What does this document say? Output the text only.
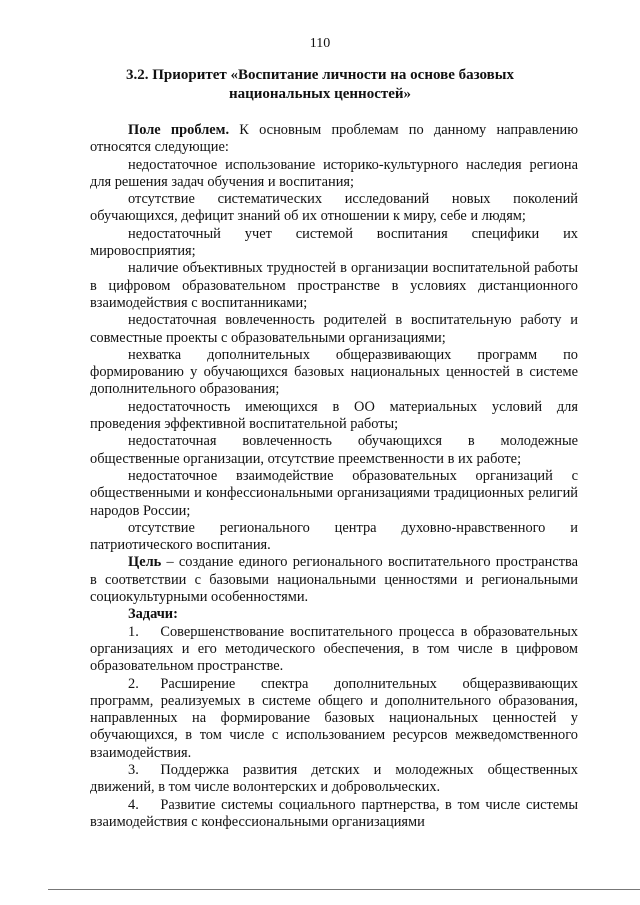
110
3.2. Приоритет «Воспитание личности на основе базовых национальных ценностей»

Поле проблем. К основным проблемам по данному направлению относятся следующие:

недостаточное использование историко-культурного наследия региона для решения задач обучения и воспитания;

отсутствие систематических исследований новых поколений обучающихся, дефицит знаний об их отношении к миру, себе и людям;

недостаточный учет системой воспитания специфики их мировосприятия;

наличие объективных трудностей в организации воспитательной работы в цифровом образовательном пространстве в условиях дистанционного взаимодействия с воспитанниками;

недостаточная вовлеченность родителей в воспитательную работу и совместные проекты с образовательными организациями;

нехватка дополнительных общеразвивающих программ по формированию у обучающихся базовых национальных ценностей в системе дополнительного образования;

недостаточность имеющихся в ОО материальных условий для проведения эффективной воспитательной работы;

недостаточная вовлеченность обучающихся в молодежные общественные организации, отсутствие преемственности в их работе;

недостаточное взаимодействие образовательных организаций с общественными и конфессиональными организациями традиционных религий народов России;

отсутствие регионального центра духовно-нравственного и патриотического воспитания.

Цель – создание единого регионального воспитательного пространства в соответствии с базовыми национальными ценностями и региональными социокультурными особенностями.

Задачи:

1.   Совершенствование воспитательного процесса в образовательных организациях и его методического обеспечения, в том числе в цифровом образовательном пространстве.

2.   Расширение спектра дополнительных общеразвивающих программ, реализуемых в системе общего и дополнительного образования, направленных на формирование базовых национальных ценностей у обучающихся, в том числе с использованием ресурсов межведомственного взаимодействия.

3.   Поддержка развития детских и молодежных общественных движений, в том числе волонтерских и добровольческих.

4.   Развитие системы социального партнерства, в том числе системы взаимодействия с конфессиональными организациями
